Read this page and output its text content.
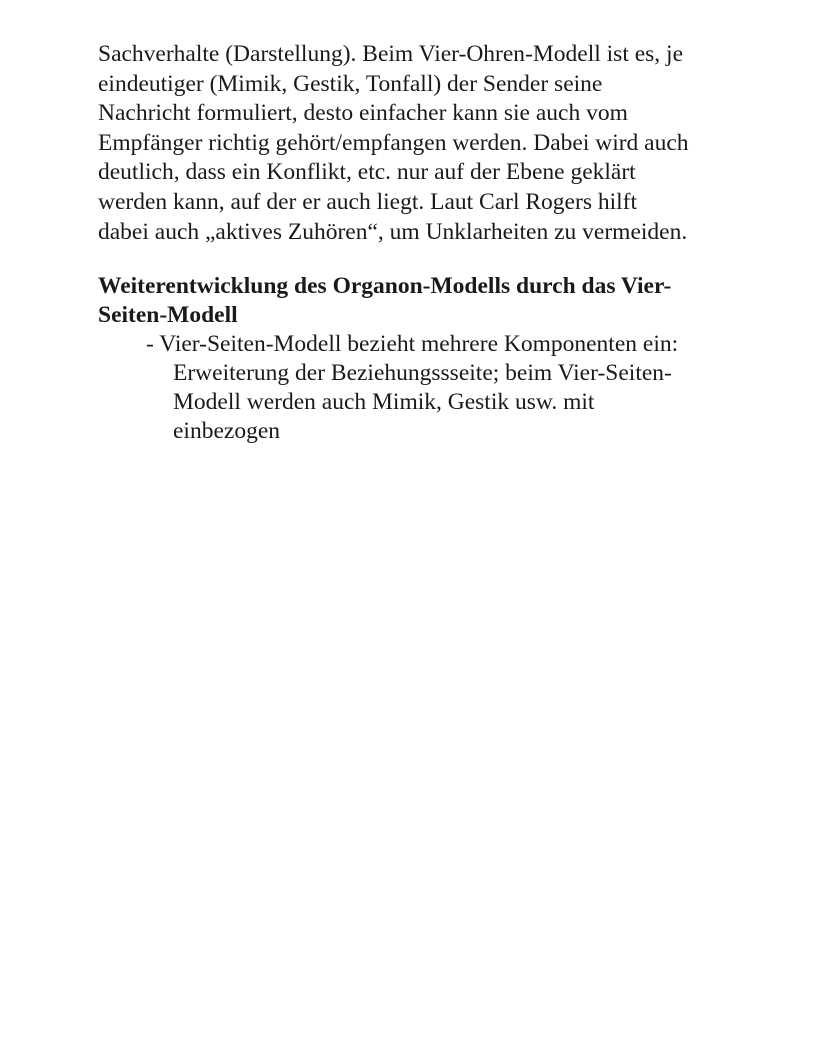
Sachverhalte (Darstellung). Beim Vier-Ohren-Modell ist es, je
eindeutiger (Mimik, Gestik, Tonfall) der Sender seine
Nachricht formuliert, desto einfacher kann sie auch vom
Empfänger richtig gehört/empfangen werden. Dabei wird auch
deutlich, dass ein Konflikt, etc. nur auf der Ebene geklärt
werden kann, auf der er auch liegt. Laut Carl Rogers hilft
dabei auch „aktives Zuhören“, um Unklarheiten zu vermeiden.

Weiterentwicklung des Organon-Modells durch das Vier-
Seiten-Modell
- Vier-Seiten-Modell bezieht mehrere Komponenten ein:
Erweiterung der Beziehungssseite; beim Vier-Seiten-
Modell werden auch Mimik, Gestik usw. mit
einbezogen
